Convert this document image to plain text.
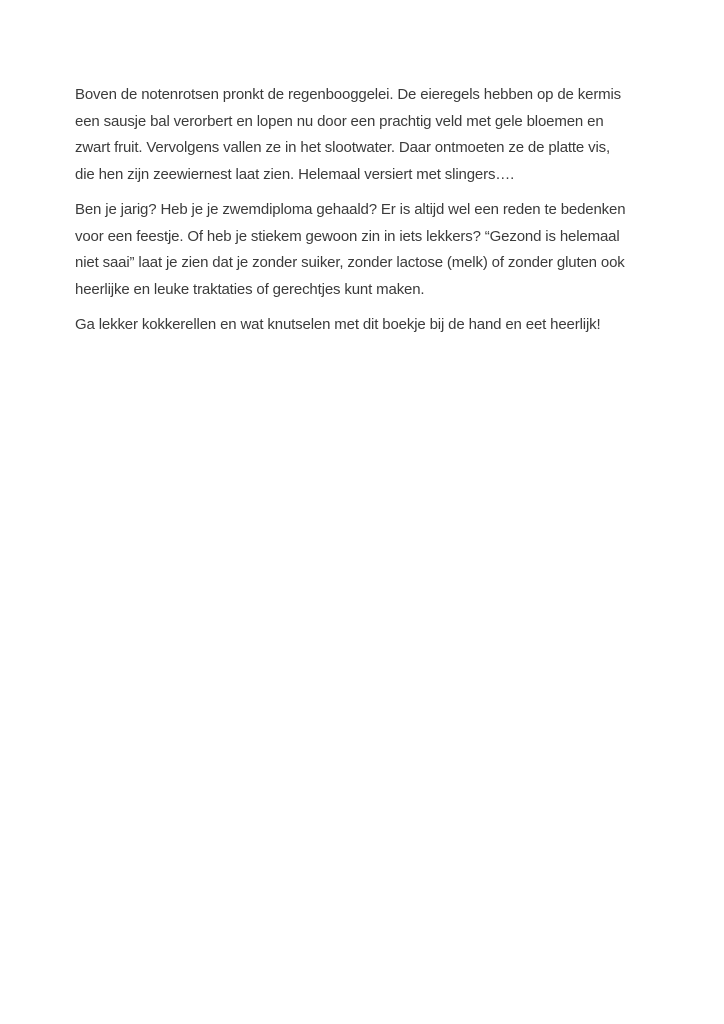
Boven de notenrotsen pronkt de regenbooggelei. De eieregels hebben op de kermis
een sausje bal verorbert en lopen nu door een prachtig veld met gele bloemen en
zwart fruit. Vervolgens vallen ze in het slootwater. Daar ontmoeten ze de platte vis,
die hen zijn zeewiernest laat zien. Helemaal versiert met slingers….
Ben je jarig? Heb je je zwemdiploma gehaald? Er is altijd wel een reden te bedenken
voor een feestje. Of heb je stiekem gewoon zin in iets lekkers? “Gezond is helemaal
niet saai” laat je zien dat je zonder suiker, zonder lactose (melk) of zonder gluten ook
heerlijke en leuke traktaties of gerechtjes kunt maken.
Ga lekker kokkerellen en wat knutselen met dit boekje bij de hand en eet heerlijk!
